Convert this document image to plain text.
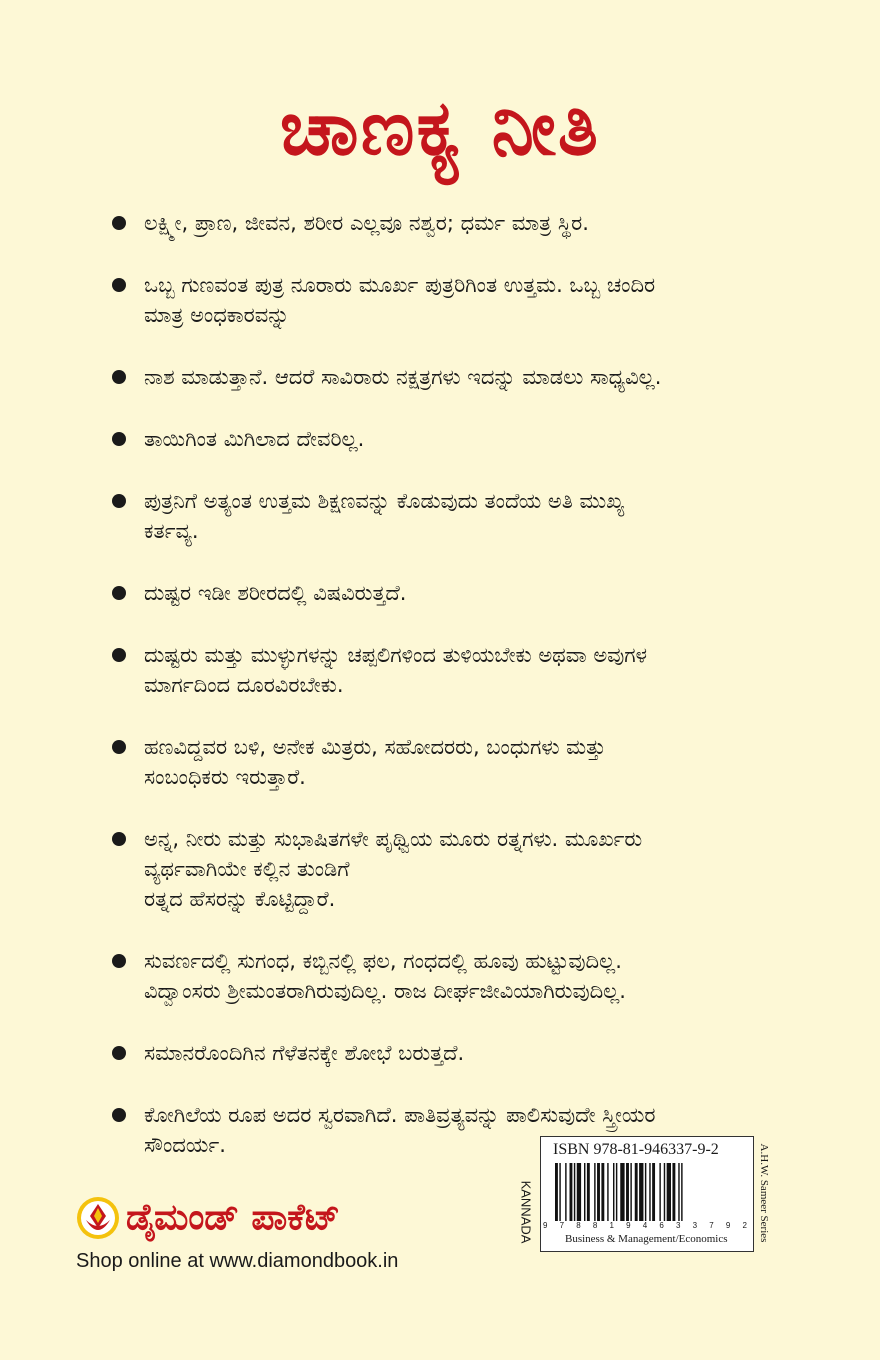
ಚಾಣಕ್ಯ ನೀತಿ
ಲಕ್ಷ್ಮೀ, ಪ್ರಾಣ, ಜೀವನ, ಶರೀರ ಎಲ್ಲವೂ ನಶ್ವರ; ಧರ್ಮ ಮಾತ್ರ ಸ್ಥಿರ.
ಒಬ್ಬ ಗುಣವಂತ ಪುತ್ರ ನೂರಾರು ಮೂರ್ಖ ಪುತ್ರರಿಗಿಂತ ಉತ್ತಮ. ಒಬ್ಬ ಚಂದಿರ
ಮಾತ್ರ ಅಂಧಕಾರವನ್ನು
ನಾಶ ಮಾಡುತ್ತಾನೆ. ಆದರೆ ಸಾವಿರಾರು ನಕ್ಷತ್ರಗಳು ಇದನ್ನು ಮಾಡಲು ಸಾಧ್ಯವಿಲ್ಲ.
ತಾಯಿಗಿಂತ ಮಿಗಿಲಾದ ದೇವರಿಲ್ಲ.
ಪುತ್ರನಿಗೆ ಅತ್ಯಂತ ಉತ್ತಮ ಶಿಕ್ಷಣವನ್ನು ಕೊಡುವುದು ತಂದೆಯ ಅತಿ ಮುಖ್ಯ
ಕರ್ತವ್ಯ.
ದುಷ್ಟರ ಇಡೀ ಶರೀರದಲ್ಲಿ ವಿಷವಿರುತ್ತದೆ.
ದುಷ್ಟರು ಮತ್ತು ಮುಳ್ಳುಗಳನ್ನು ಚಪ್ಪಲಿಗಳಿಂದ ತುಳಿಯಬೇಕು ಅಥವಾ ಅವುಗಳ
ಮಾರ್ಗದಿಂದ ದೂರವಿರಬೇಕು.
ಹಣವಿದ್ದವರ ಬಳಿ, ಅನೇಕ ಮಿತ್ರರು, ಸಹೋದರರು, ಬಂಧುಗಳು ಮತ್ತು
ಸಂಬಂಧಿಕರು ಇರುತ್ತಾರೆ.
ಅನ್ನ, ನೀರು ಮತ್ತು ಸುಭಾಷಿತಗಳೇ ಪೃಥ್ವಿಯ ಮೂರು ರತ್ನಗಳು. ಮೂರ್ಖರು
ವ್ಯರ್ಥವಾಗಿಯೇ ಕಲ್ಲಿನ ತುಂಡಿಗೆ
ರತ್ನದ ಹೆಸರನ್ನು ಕೊಟ್ಟಿದ್ದಾರೆ.
ಸುವರ್ಣದಲ್ಲಿ ಸುಗಂಧ, ಕಬ್ಬಿನಲ್ಲಿ ಫಲ, ಗಂಧದಲ್ಲಿ ಹೂವು ಹುಟ್ಟುವುದಿಲ್ಲ.
ವಿದ್ವಾಂಸರು ಶ್ರೀಮಂತರಾಗಿರುವುದಿಲ್ಲ. ರಾಜ ದೀರ್ಘಜೀವಿಯಾಗಿರುವುದಿಲ್ಲ.
ಸಮಾನರೊಂದಿಗಿನ ಗೆಳೆತನಕ್ಕೇ ಶೋಭೆ ಬರುತ್ತದೆ.
ಕೋಗಿಲೆಯ ರೂಪ ಅದರ ಸ್ವರವಾಗಿದೆ. ಪಾತಿವ್ರತ್ಯವನ್ನು ಪಾಲಿಸುವುದೇ ಸ್ತ್ರೀಯರ
ಸೌಂದರ್ಯ.
ಡೈಮಂಡ್ ಪಾಕೆಟ್
Shop online at www.diamondbook.in
KANNADA
ISBN 978-81-946337-9-2
9 7 8 8 1 9 4 6 3 3 7 9 2
Business & Management/Economics	A.H.W. Sameer Series
